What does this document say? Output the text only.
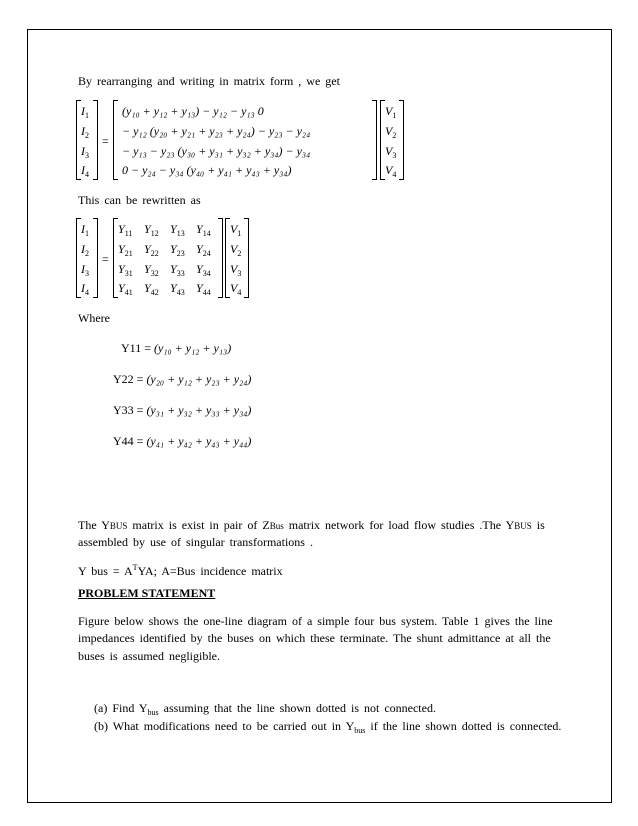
By rearranging and writing in matrix form , we get
$I_1$
$I_2$
$I_3$
$I_4$
=
(y₁₀ + y₁₂ + y₁₃) − y₁₂ − y₁₃ 0
− y₁₂ (y₂₀ + y₂₁ + y₂₃ + y₂₄) − y₂₃ − y₂₄
− y₁₃ − y₂₃ (y₃₀ + y₃₁ + y₃₂ + y₃₄) − y₃₄
0 − y₂₄ − y₃₄ (y₄₀ + y₄₁ + y₄₃ + y₃₄)
$V_1$
$V_2$
$V_3$
$V_4$
This can be rewritten as
$I_1$
$I_2$
$I_3$
$I_4$
=
$Y_{11}$ $Y_{12}$ $Y_{13}$ $Y_{14}$
$Y_{21}$ $Y_{22}$ $Y_{23}$ $Y_{24}$
$Y_{31}$ $Y_{32}$ $Y_{33}$ $Y_{34}$
$Y_{41}$ $Y_{42}$ $Y_{43}$ $Y_{44}$
$V_1$
$V_2$
$V_3$
$V_4$
Where
Y11 = (y₁₀ + y₁₂ + y₁₃)
Y22 = (y₂₀ + y₁₂ + y₂₃ + y₂₄)
Y33 = (y₃₁ + y₃₂ + y₃₃ + y₃₄)
Y44 = (y₄₁ + y₄₂ + y₄₃ + y₄₄)
The YBUS matrix is exist in pair of ZBus matrix network for load flow studies .The YBUS is
assembled by use of singular transformations .
Y bus = $A^TYA$; A=Bus incidence matrix
PROBLEM STATEMENT
Figure below shows the one-line diagram of a simple four bus system. Table 1 gives the line
impedances identified by the buses on which these terminate. The shunt admittance at all the
buses is assumed negligible.
(a) Find $Y_{bus}$ assuming that the line shown dotted is not connected.
(b) What modifications need to be carried out in $Y_{bus}$ if the line shown dotted is connected.
